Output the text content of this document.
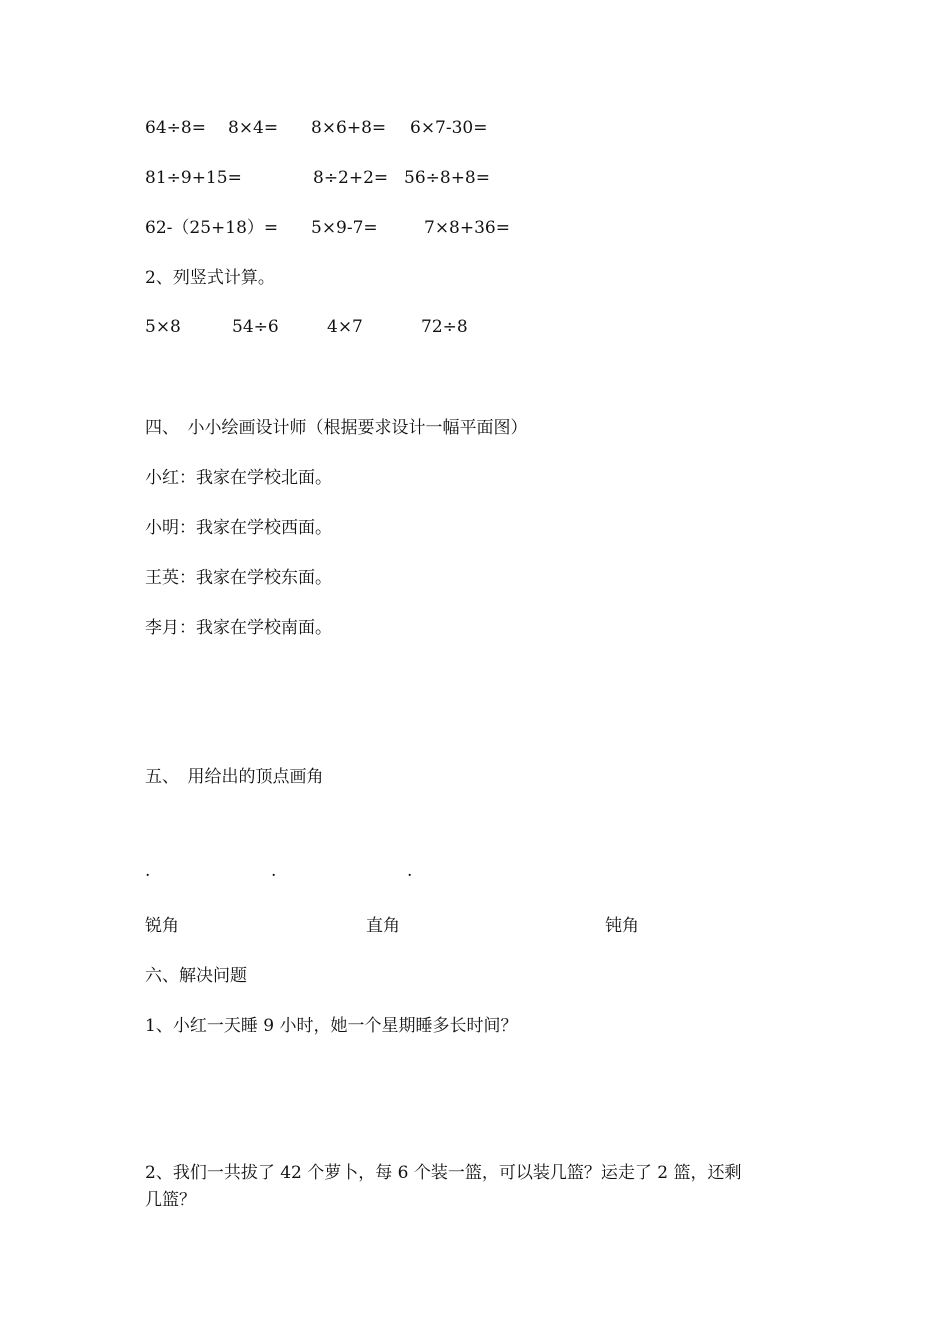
64÷8= 8×4= 8×6+8= 6×7-30=
81÷9+15=	8÷2+2= 56÷8+8=
62-（25+18）= 5×9-7=	7×8+36=
2、列竖式计算。
5×8	54÷6	4×7	72÷8
四、　小小绘画设计师（根据要求设计一幅平面图）
小红：我家在学校北面。
小明：我家在学校西面。
王英：我家在学校东面。
李月：我家在学校南面。
五、　用给出的顶点画角
.	.	.
锐角	直角	钝角
六、解决问题
1、小红一天睡 9 小时，她一个星期睡多长时间？
2、我们一共拔了 42 个萝卜，每 6 个装一篮，可以装几篮？运走了 2 篮，还剩
几篮？
